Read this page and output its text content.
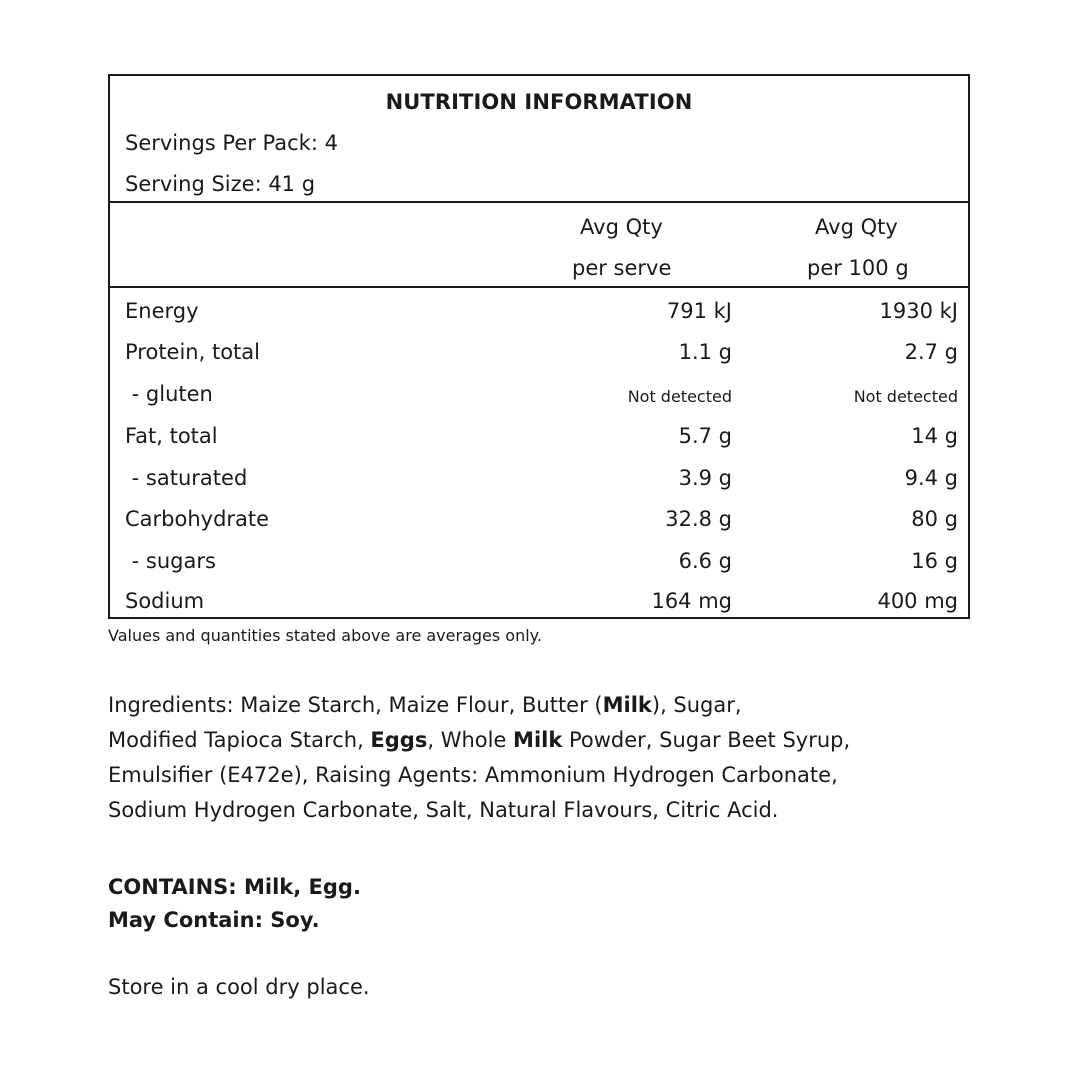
NUTRITION INFORMATION
Servings Per Pack: 4
Serving Size: 41 g
Avg Qty
per serve
Avg Qty
per 100 g
Energy	791 kJ	1930 kJ
Protein, total	1.1 g	2.7 g
- gluten	Not detected	Not detected
Fat, total	5.7 g	14 g
- saturated	3.9 g	9.4 g
Carbohydrate	32.8 g	80 g
- sugars	6.6 g	16 g
Sodium	164 mg	400 mg
Values and quantities stated above are averages only.
Ingredients: Maize Starch, Maize Flour, Butter (Milk), Sugar,
Modified Tapioca Starch, Eggs, Whole Milk Powder, Sugar Beet Syrup,
Emulsifier (E472e), Raising Agents: Ammonium Hydrogen Carbonate,
Sodium Hydrogen Carbonate, Salt, Natural Flavours, Citric Acid.
CONTAINS: Milk, Egg.
May Contain: Soy.
Store in a cool dry place.
